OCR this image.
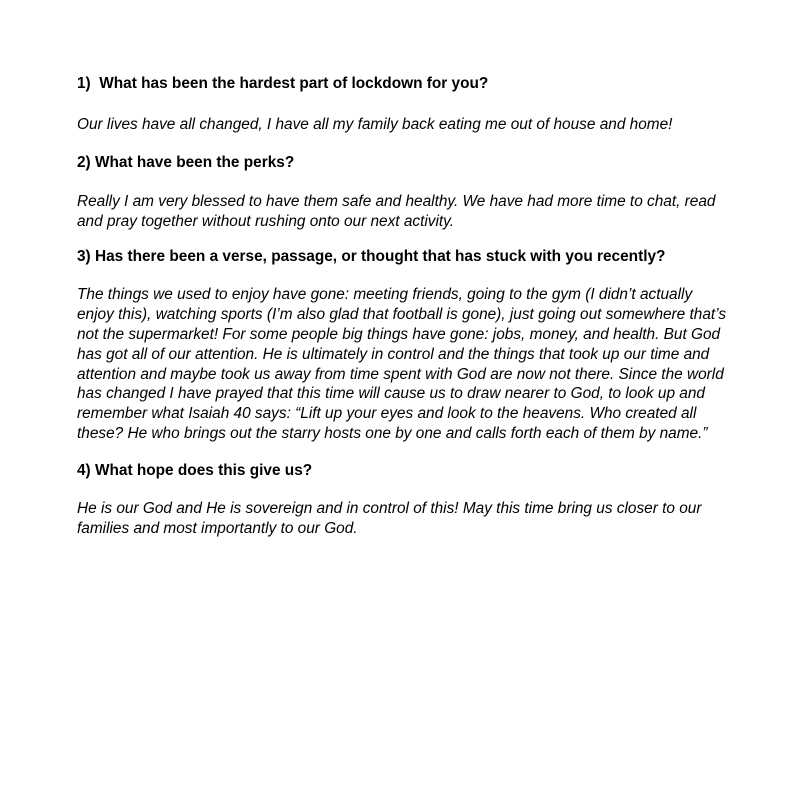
1)  What has been the hardest part of lockdown for you?

Our lives have all changed, I have all my family back eating me out of house and home!

2) What have been the perks?

Really I am very blessed to have them safe and healthy. We have had more time to chat, read and pray together without rushing onto our next activity.

3) Has there been a verse, passage, or thought that has stuck with you recently?

The things we used to enjoy have gone: meeting friends, going to the gym (I didn’t actually enjoy this), watching sports (I’m also glad that football is gone), just going out somewhere that’s not the supermarket! For some people big things have gone: jobs, money, and health. But God has got all of our attention. He is ultimately in control and the things that took up our time and attention and maybe took us away from time spent with God are now not there. Since the world has changed I have prayed that this time will cause us to draw nearer to God, to look up and remember what Isaiah 40 says: “Lift up your eyes and look to the heavens. Who created all these? He who brings out the starry hosts one by one and calls forth each of them by name.”

4) What hope does this give us?

He is our God and He is sovereign and in control of this! May this time bring us closer to our families and most importantly to our God.
